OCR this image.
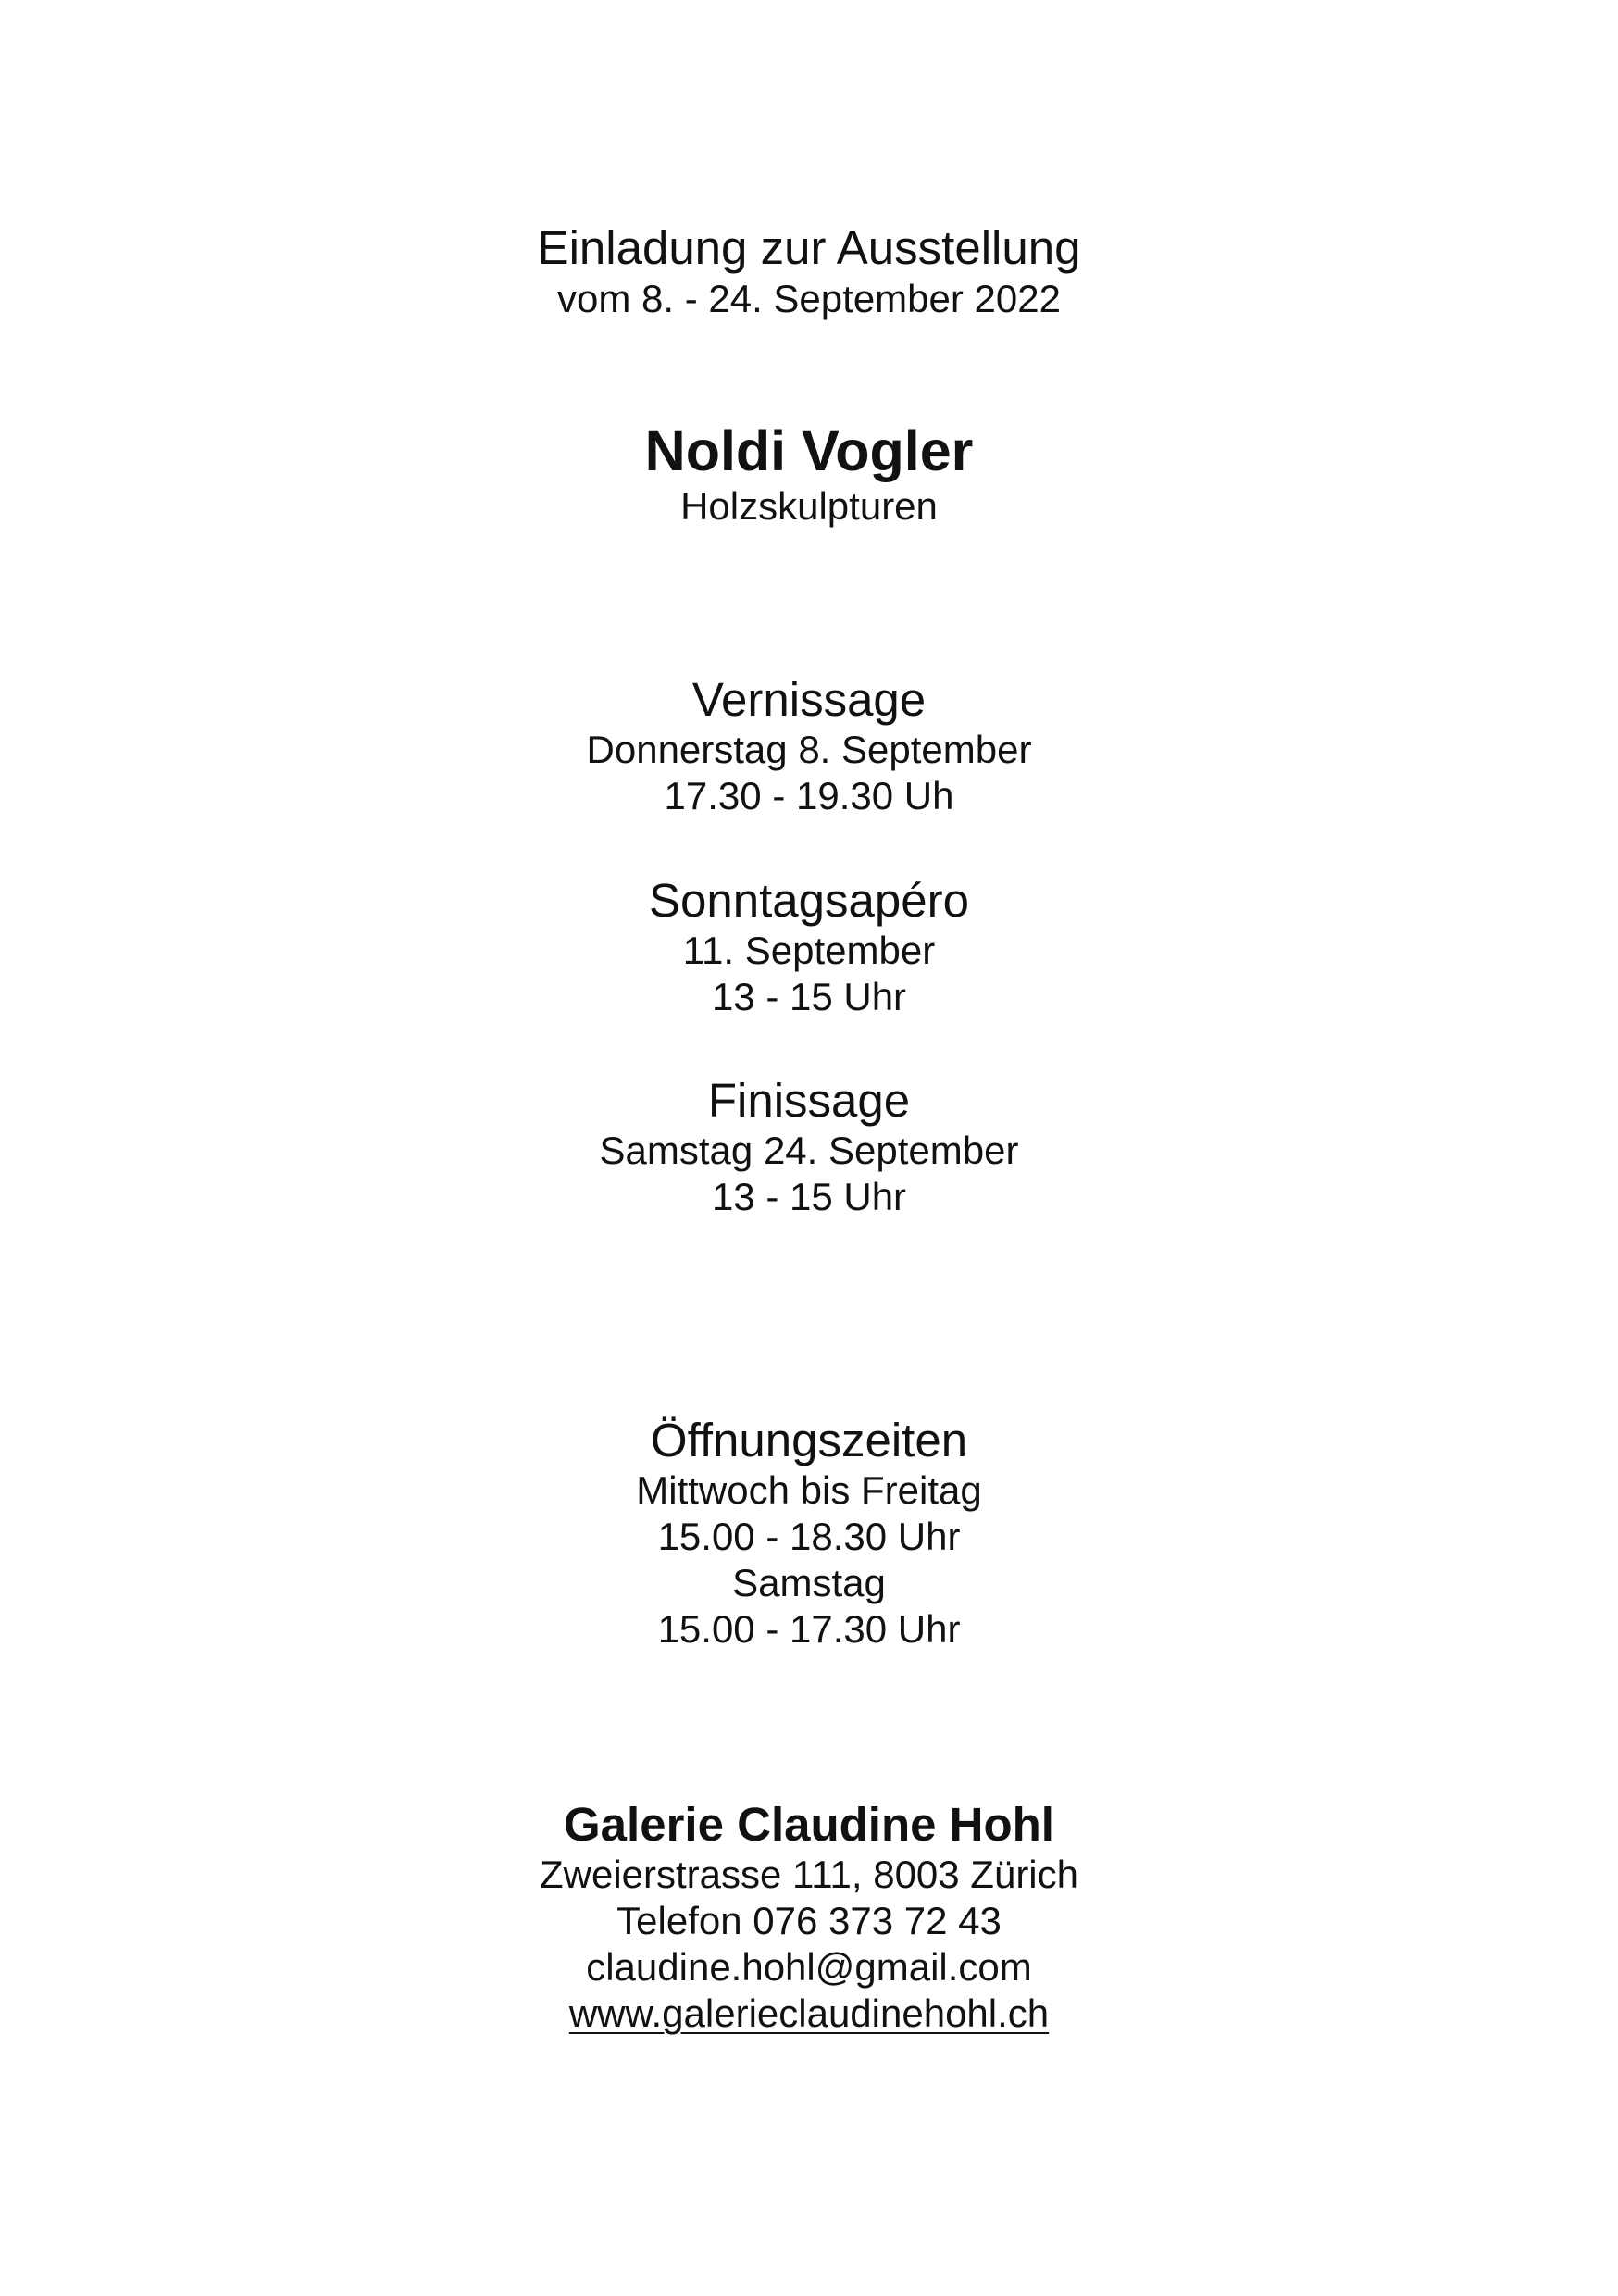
Einladung zur Ausstellung
vom 8. - 24. September 2022
Noldi Vogler
Holzskulpturen
Vernissage
Donnerstag 8. September
17.30 - 19.30 Uh
Sonntagsapéro
11. September
13 - 15 Uhr
Finissage
Samstag 24. September
13 - 15 Uhr
Öffnungszeiten
Mittwoch bis Freitag
15.00 - 18.30 Uhr
Samstag
15.00 - 17.30 Uhr
Galerie Claudine Hohl
Zweierstrasse 111, 8003 Zürich
Telefon 076 373 72 43
claudine.hohl@gmail.com
www.galerieclaudinehohl.ch
